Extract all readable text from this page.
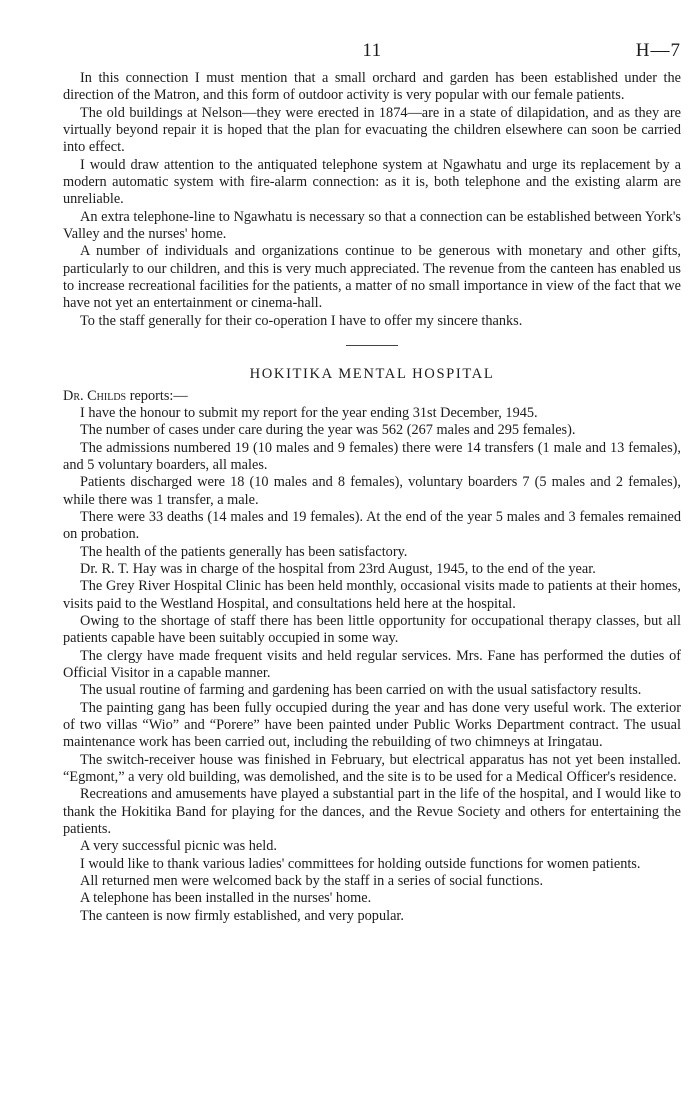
11	H—7

In this connection I must mention that a small orchard and garden has been established under the direction of the Matron, and this form of outdoor activity is very popular with our female patients.

The old buildings at Nelson—they were erected in 1874—are in a state of dilapidation, and as they are virtually beyond repair it is hoped that the plan for evacuating the children elsewhere can soon be carried into effect.

I would draw attention to the antiquated telephone system at Ngawhatu and urge its replacement by a modern automatic system with fire-alarm connection: as it is, both telephone and the existing alarm are unreliable.

An extra telephone-line to Ngawhatu is necessary so that a connection can be established between York's Valley and the nurses' home.

A number of individuals and organizations continue to be generous with monetary and other gifts, particularly to our children, and this is very much appreciated. The revenue from the canteen has enabled us to increase recreational facilities for the patients, a matter of no small importance in view of the fact that we have not yet an entertainment or cinema-hall.

To the staff generally for their co-operation I have to offer my sincere thanks.

HOKITIKA MENTAL HOSPITAL

Dr. Childs reports:—

I have the honour to submit my report for the year ending 31st December, 1945.

The number of cases under care during the year was 562 (267 males and 295 females).

The admissions numbered 19 (10 males and 9 females) there were 14 transfers (1 male and 13 females), and 5 voluntary boarders, all males.

Patients discharged were 18 (10 males and 8 females), voluntary boarders 7 (5 males and 2 females), while there was 1 transfer, a male.

There were 33 deaths (14 males and 19 females). At the end of the year 5 males and 3 females remained on probation.

The health of the patients generally has been satisfactory.

Dr. R. T. Hay was in charge of the hospital from 23rd August, 1945, to the end of the year.

The Grey River Hospital Clinic has been held monthly, occasional visits made to patients at their homes, visits paid to the Westland Hospital, and consultations held here at the hospital.

Owing to the shortage of staff there has been little opportunity for occupational therapy classes, but all patients capable have been suitably occupied in some way.

The clergy have made frequent visits and held regular services. Mrs. Fane has performed the duties of Official Visitor in a capable manner.

The usual routine of farming and gardening has been carried on with the usual satisfactory results.

The painting gang has been fully occupied during the year and has done very useful work. The exterior of two villas “Wio” and “Porere” have been painted under Public Works Department contract. The usual maintenance work has been carried out, including the rebuilding of two chimneys at Iringatau.

The switch-receiver house was finished in February, but electrical apparatus has not yet been installed. “Egmont,” a very old building, was demolished, and the site is to be used for a Medical Officer's residence.

Recreations and amusements have played a substantial part in the life of the hospital, and I would like to thank the Hokitika Band for playing for the dances, and the Revue Society and others for entertaining the patients.

A very successful picnic was held.

I would like to thank various ladies' committees for holding outside functions for women patients.

All returned men were welcomed back by the staff in a series of social functions.

A telephone has been installed in the nurses' home.

The canteen is now firmly established, and very popular.
